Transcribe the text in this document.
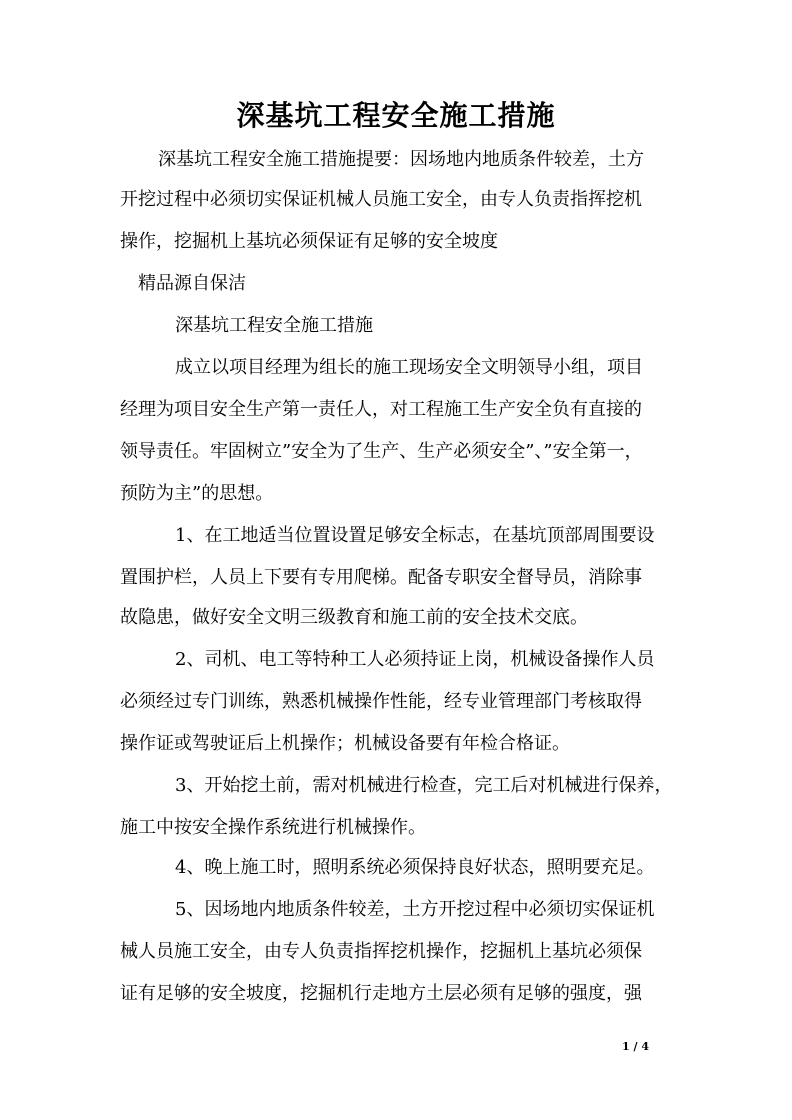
深基坑工程安全施工措施
深基坑工程安全施工措施提要：因场地内地质条件较差，土方
开挖过程中必须切实保证机械人员施工安全，由专人负责指挥挖机
操作，挖掘机上基坑必须保证有足够的安全坡度
精品源自保洁
深基坑工程安全施工措施
成立以项目经理为组长的施工现场安全文明领导小组，项目
经理为项目安全生产第一责任人，对工程施工生产安全负有直接的
领导责任。牢固树立”安全为了生产、生产必须安全”、”安全第一，
预防为主”的思想。
1、在工地适当位置设置足够安全标志，在基坑顶部周围要设
置围护栏，人员上下要有专用爬梯。配备专职安全督导员，消除事
故隐患，做好安全文明三级教育和施工前的安全技术交底。
2、司机、电工等特种工人必须持证上岗，机械设备操作人员
必须经过专门训练，熟悉机械操作性能，经专业管理部门考核取得
操作证或驾驶证后上机操作；机械设备要有年检合格证。
3、开始挖土前，需对机械进行检查，完工后对机械进行保养，
施工中按安全操作系统进行机械操作。
4、晚上施工时，照明系统必须保持良好状态，照明要充足。
5、因场地内地质条件较差，土方开挖过程中必须切实保证机
械人员施工安全，由专人负责指挥挖机操作，挖掘机上基坑必须保
证有足够的安全坡度，挖掘机行走地方土层必须有足够的强度，强
1 / 4
